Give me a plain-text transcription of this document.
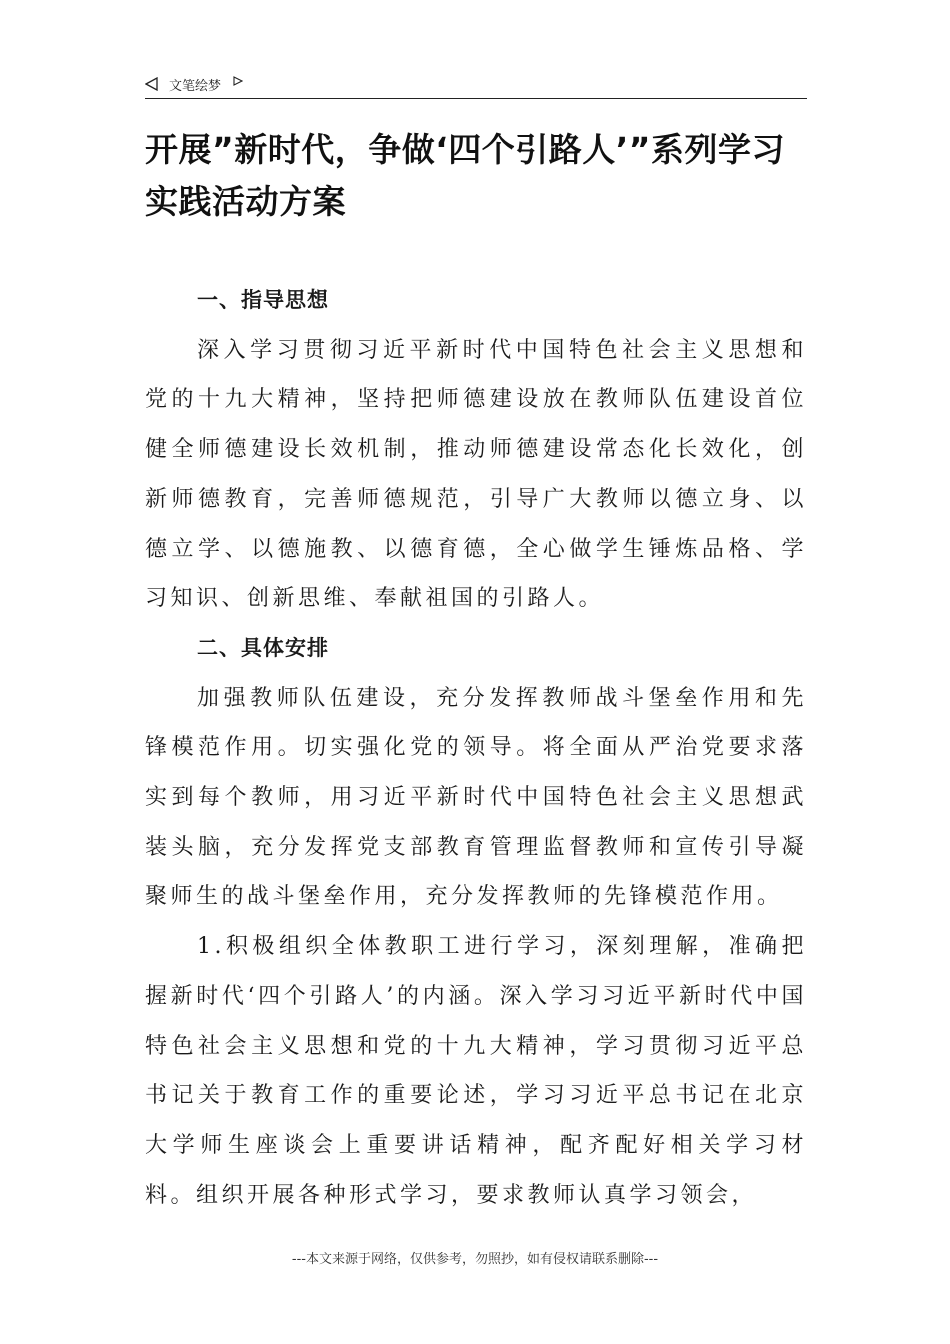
文笔绘梦
开展”新时代，争做‘四个引路人’”系列学习实践活动方案

一、指导思想

深入学习贯彻习近平新时代中国特色社会主义思想和党的十九大精神，坚持把师德建设放在教师队伍建设首位健全师德建设长效机制，推动师德建设常态化长效化，创新师德教育，完善师德规范，引导广大教师以德立身、以德立学、以德施教、以德育德，全心做学生锤炼品格、学习知识、创新思维、奉献祖国的引路人。

二、具体安排

加强教师队伍建设，充分发挥教师战斗堡垒作用和先锋模范作用。切实强化党的领导。将全面从严治党要求落实到每个教师，用习近平新时代中国特色社会主义思想武装头脑，充分发挥党支部教育管理监督教师和宣传引导凝聚师生的战斗堡垒作用，充分发挥教师的先锋模范作用。

1.积极组织全体教职工进行学习，深刻理解，准确把握新时代‘四个引路人’的内涵。深入学习习近平新时代中国特色社会主义思想和党的十九大精神，学习贯彻习近平总书记关于教育工作的重要论述，学习习近平总书记在北京大学师生座谈会上重要讲话精神，配齐配好相关学习材料。组织开展各种形式学习，要求教师认真学习领会，

---本文来源于网络，仅供参考，勿照抄，如有侵权请联系删除---
